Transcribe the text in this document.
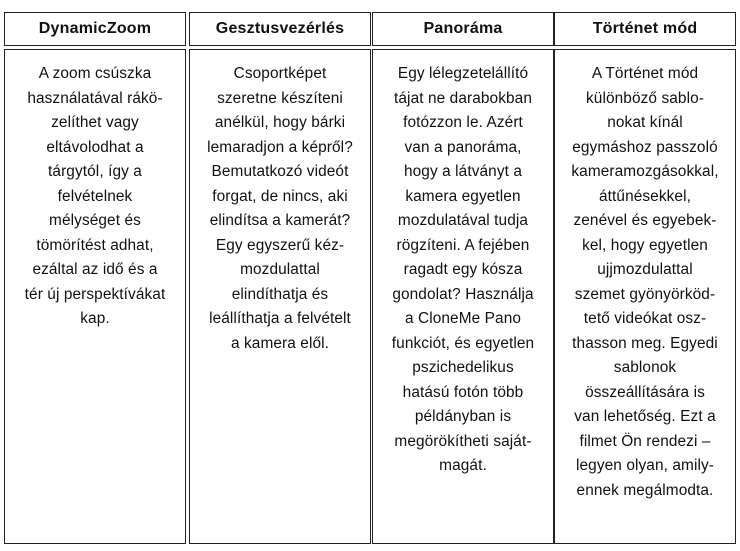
DynamicZoom
A zoom csúszka
használatával rákö-
zelíthet vagy
eltávolodhat a
tárgytól, így a
felvételnek
mélységet és
tömörítést adhat,
ezáltal az idő és a
tér új perspektívákat
kap.
Gesztusvezérlés
Csoportképet
szeretne készíteni
anélkül, hogy bárki
lemaradjon a képről?
Bemutatkozó videót
forgat, de nincs, aki
elindítsa a kamerát?
Egy egyszerű kéz-
mozdulattal
elindíthatja és
leállíthatja a felvételt
a kamera elől.
Panoráma
Egy lélegzetelállító
tájat ne darabokban
fotózzon le. Azért
van a panoráma,
hogy a látványt a
kamera egyetlen
mozdulatával tudja
rögzíteni. A fejében
ragadt egy kósza
gondolat? Használja
a CloneMe Pano
funkciót, és egyetlen
pszichedelikus
hatású fotón több
példányban is
megörökítheti saját-
magát.
Történet mód
A Történet mód
különböző sablo-
nokat kínál
egymáshoz passzoló
kameramozgásokkal,
áttűnésekkel,
zenével és egyebek-
kel, hogy egyetlen
ujjmozdulattal
szemet gyönyörköd-
tető videókat osz-
thasson meg. Egyedi
sablonok
összeállítására is
van lehetőség. Ezt a
filmet Ön rendezi –
legyen olyan, amily-
ennek megálmodta.
